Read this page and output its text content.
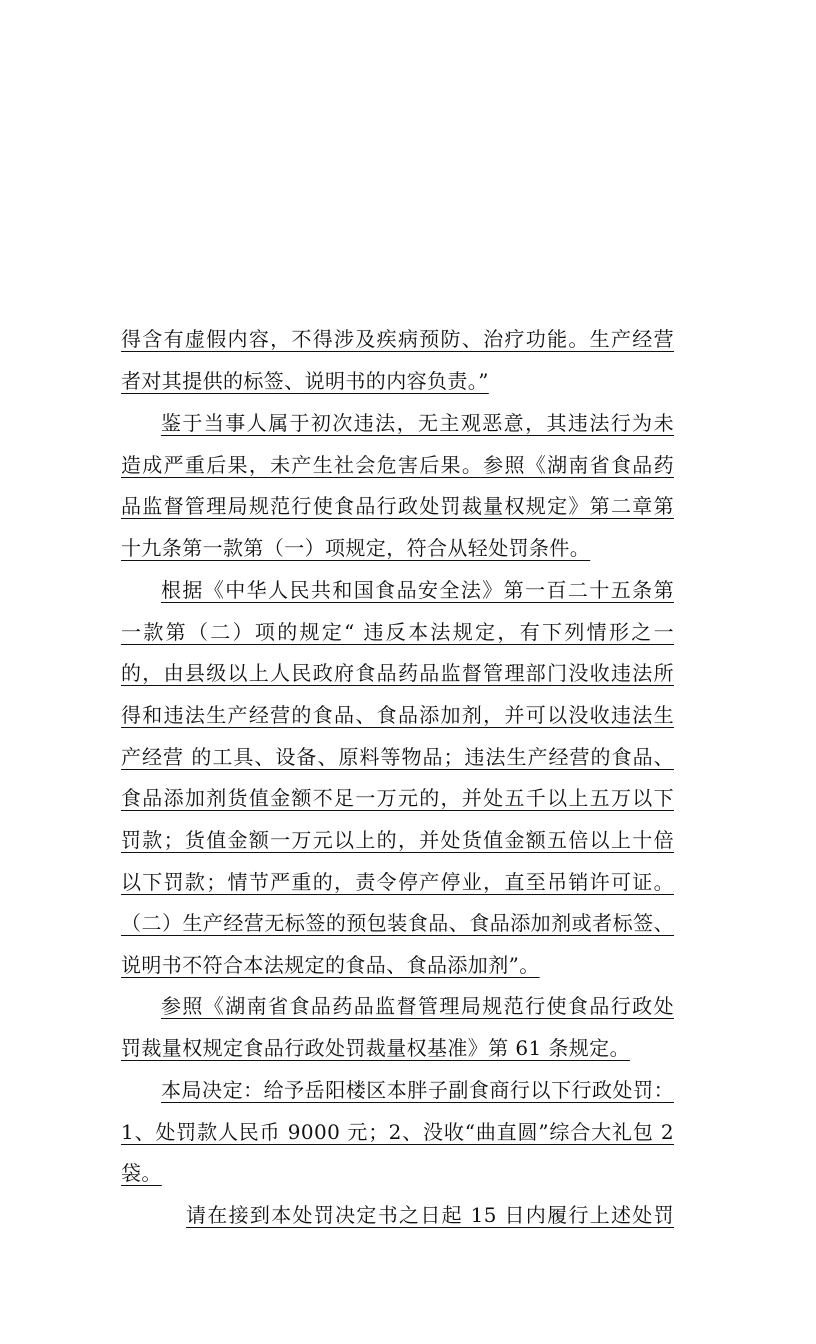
得含有虚假内容，不得涉及疾病预防、治疗功能。生产经营
者对其提供的标签、说明书的内容负责。”
鉴于当事人属于初次违法，无主观恶意，其违法行为未
造成严重后果，未产生社会危害后果。参照《湖南省食品药
品监督管理局规范行使食品行政处罚裁量权规定》第二章第
十九条第一款第（一）项规定，符合从轻处罚条件。
根据《中华人民共和国食品安全法》第一百二十五条第
一款第（二）项的规定“ 违反本法规定，有下列情形之一
的，由县级以上人民政府食品药品监督管理部门没收违法所
得和违法生产经营的食品、食品添加剂，并可以没收违法生
产经营 的工具、设备、原料等物品；违法生产经营的食品、
食品添加剂货值金额不足一万元的，并处五千以上五万以下
罚款；货值金额一万元以上的，并处货值金额五倍以上十倍
以下罚款；情节严重的，责令停产停业，直至吊销许可证。
（二）生产经营无标签的预包装食品、食品添加剂或者标签、
说明书不符合本法规定的食品、食品添加剂”。
参照《湖南省食品药品监督管理局规范行使食品行政处
罚裁量权规定食品行政处罚裁量权基准》第 61 条规定。
本局决定：给予岳阳楼区本胖子副食商行以下行政处罚：
1、处罚款人民币 9000 元；2、没收“曲直圆”综合大礼包 2
袋。
请在接到本处罚决定书之日起 15 日内履行上述处罚
